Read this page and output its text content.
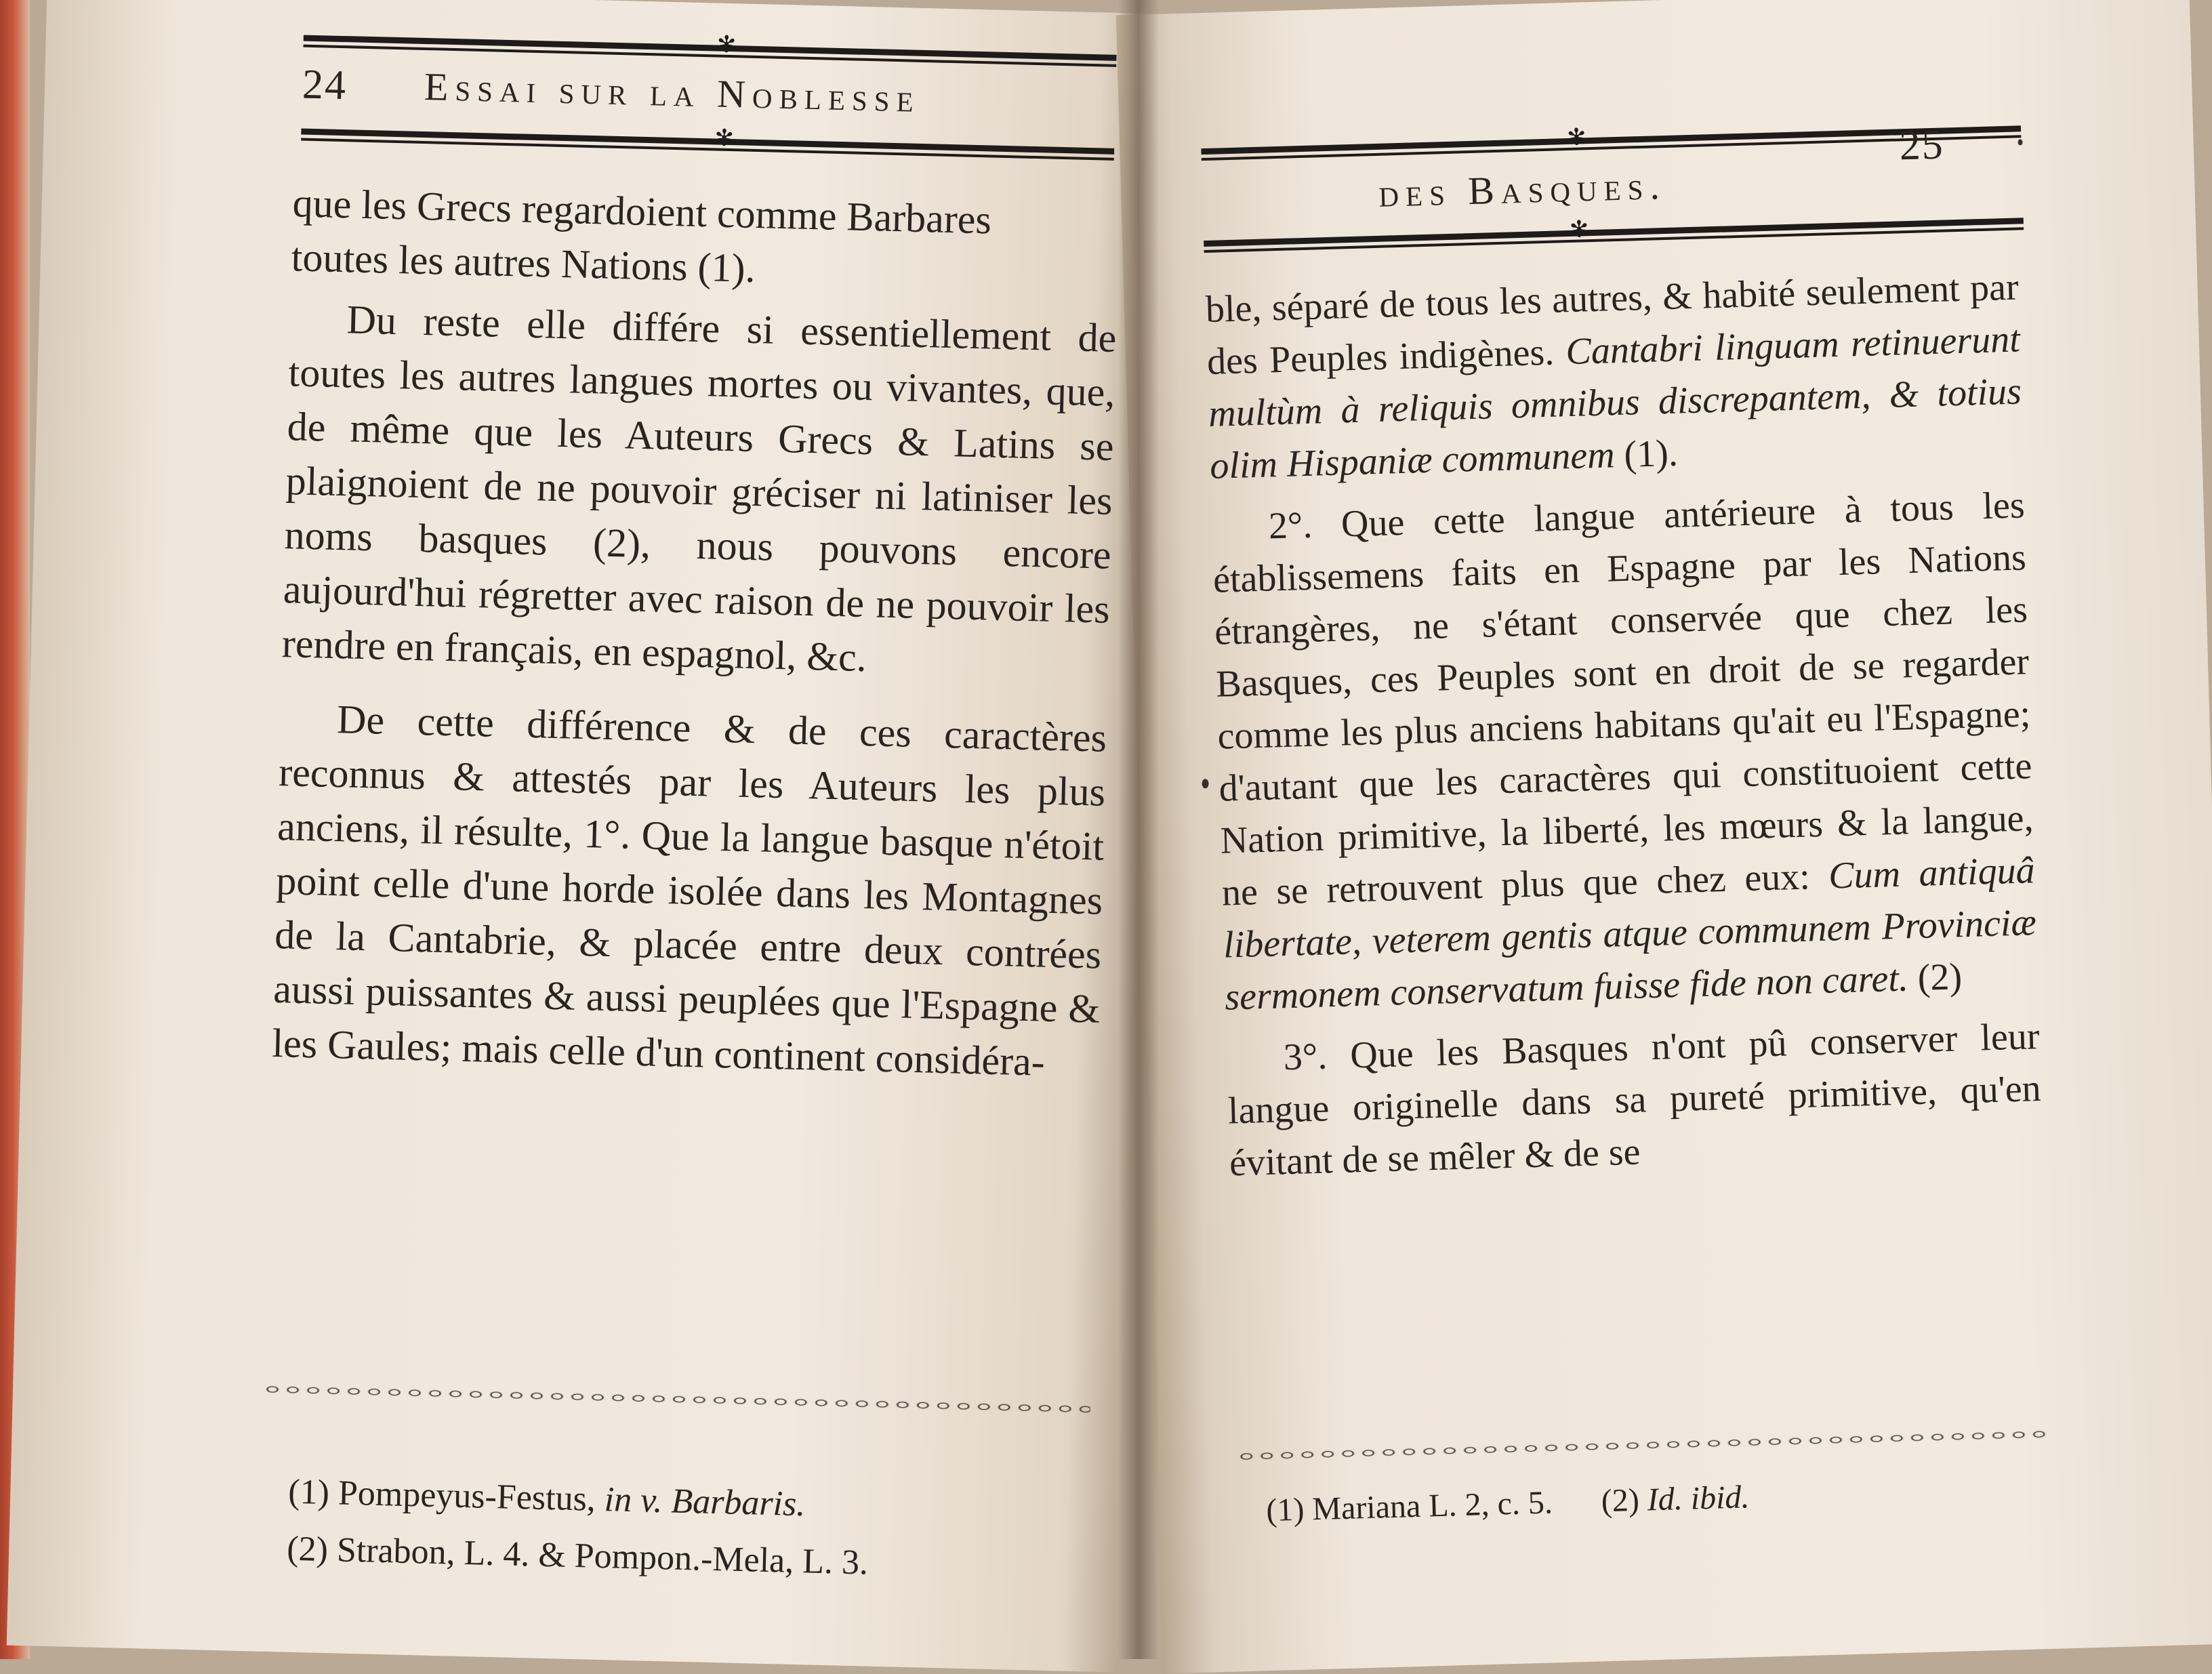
✻
24 Essai sur la Noblesse
✻

que les Grecs regardoient comme Barbares

toutes les autres Nations (1).

Du reste elle différe si essentiellement de toutes les autres langues mortes ou vivantes, que, de même que les Auteurs Grecs & Latins se plaignoient de ne pouvoir gréciser ni latiniser les noms basques (2), nous pouvons encore aujourd'hui régretter avec raison de ne pouvoir les rendre en français, en espagnol, &c.

De cette différence & de ces caractères reconnus & attestés par les Auteurs les plus anciens, il résulte, 1°. Que la langue basque n'étoit point celle d'une horde isolée dans les Montagnes de la Cantabrie, & placée entre deux contrées aussi puissantes & aussi peuplées que l'Espagne & les Gaules; mais celle d'un continent considéra-

(1) Pompeyus-Festus, in v. Barbaris.
(2) Strabon, L. 4. & Pompon.-Mela, L. 3.
✻
des Basques.
25
✻

ble, séparé de tous les autres, & habité seulement par des Peuples indigènes. Cantabri linguam retinuerunt multùm à reliquis omnibus discrepantem, & totius olim Hispaniæ communem (1).

2°. Que cette langue antérieure à tous les établissemens faits en Espagne par les Nations étrangères, ne s'étant conservée que chez les Basques, ces Peuples sont en droit de se regarder comme les plus anciens habitans qu'ait eu l'Espagne; d'autant que les caractères qui constituoient cette Nation primitive, la liberté, les mœurs & la langue, ne se retrouvent plus que chez eux: Cum antiquâ libertate, veterem gentis atque communem Provinciæ sermonem conservatum fuisse fide non caret. (2)

3°. Que les Basques n'ont pû conserver leur langue originelle dans sa pureté primitive, qu'en évitant de se mêler & de se

(1) Mariana L. 2, c. 5. (2) Id. ibid.
